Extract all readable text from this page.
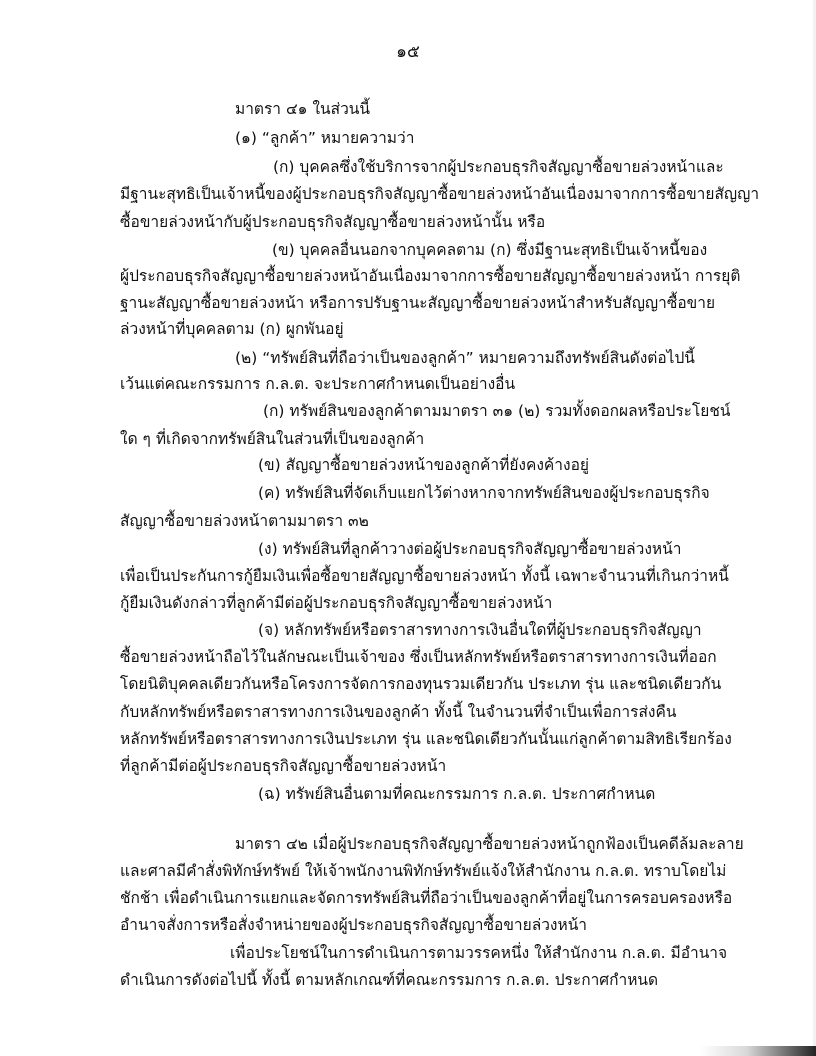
๑๕
มาตรา ๔๑ ในส่วนนี้
(๑) “ลูกค้า” หมายความว่า
(ก) บุคคลซึ่งใช้บริการจากผู้ประกอบธุรกิจสัญญาซื้อขายล่วงหน้าและ
มีฐานะสุทธิเป็นเจ้าหนี้ของผู้ประกอบธุรกิจสัญญาซื้อขายล่วงหน้าอันเนื่องมาจากการซื้อขายสัญญา
ซื้อขายล่วงหน้ากับผู้ประกอบธุรกิจสัญญาซื้อขายล่วงหน้านั้น หรือ
(ข) บุคคลอื่นนอกจากบุคคลตาม (ก) ซึ่งมีฐานะสุทธิเป็นเจ้าหนี้ของ
ผู้ประกอบธุรกิจสัญญาซื้อขายล่วงหน้าอันเนื่องมาจากการซื้อขายสัญญาซื้อขายล่วงหน้า การยุติ
ฐานะสัญญาซื้อขายล่วงหน้า หรือการปรับฐานะสัญญาซื้อขายล่วงหน้าสำหรับสัญญาซื้อขาย
ล่วงหน้าที่บุคคลตาม (ก) ผูกพันอยู่
(๒) “ทรัพย์สินที่ถือว่าเป็นของลูกค้า” หมายความถึงทรัพย์สินดังต่อไปนี้
เว้นแต่คณะกรรมการ ก.ล.ต. จะประกาศกำหนดเป็นอย่างอื่น
(ก) ทรัพย์สินของลูกค้าตามมาตรา ๓๑ (๒) รวมทั้งดอกผลหรือประโยชน์
ใด ๆ ที่เกิดจากทรัพย์สินในส่วนที่เป็นของลูกค้า
(ข) สัญญาซื้อขายล่วงหน้าของลูกค้าที่ยังคงค้างอยู่
(ค) ทรัพย์สินที่จัดเก็บแยกไว้ต่างหากจากทรัพย์สินของผู้ประกอบธุรกิจ
สัญญาซื้อขายล่วงหน้าตามมาตรา ๓๒
(ง) ทรัพย์สินที่ลูกค้าวางต่อผู้ประกอบธุรกิจสัญญาซื้อขายล่วงหน้า
เพื่อเป็นประกันการกู้ยืมเงินเพื่อซื้อขายสัญญาซื้อขายล่วงหน้า ทั้งนี้ เฉพาะจำนวนที่เกินกว่าหนี้
กู้ยืมเงินดังกล่าวที่ลูกค้ามีต่อผู้ประกอบธุรกิจสัญญาซื้อขายล่วงหน้า
(จ) หลักทรัพย์หรือตราสารทางการเงินอื่นใดที่ผู้ประกอบธุรกิจสัญญา
ซื้อขายล่วงหน้าถือไว้ในลักษณะเป็นเจ้าของ ซึ่งเป็นหลักทรัพย์หรือตราสารทางการเงินที่ออก
โดยนิติบุคคลเดียวกันหรือโครงการจัดการกองทุนรวมเดียวกัน ประเภท รุ่น และชนิดเดียวกัน
กับหลักทรัพย์หรือตราสารทางการเงินของลูกค้า ทั้งนี้ ในจำนวนที่จำเป็นเพื่อการส่งคืน
หลักทรัพย์หรือตราสารทางการเงินประเภท รุ่น และชนิดเดียวกันนั้นแก่ลูกค้าตามสิทธิเรียกร้อง
ที่ลูกค้ามีต่อผู้ประกอบธุรกิจสัญญาซื้อขายล่วงหน้า
(ฉ) ทรัพย์สินอื่นตามที่คณะกรรมการ ก.ล.ต. ประกาศกำหนด
มาตรา ๔๒ เมื่อผู้ประกอบธุรกิจสัญญาซื้อขายล่วงหน้าถูกฟ้องเป็นคดีล้มละลาย
และศาลมีคำสั่งพิทักษ์ทรัพย์ ให้เจ้าพนักงานพิทักษ์ทรัพย์แจ้งให้สำนักงาน ก.ล.ต. ทราบโดยไม่
ชักช้า เพื่อดำเนินการแยกและจัดการทรัพย์สินที่ถือว่าเป็นของลูกค้าที่อยู่ในการครอบครองหรือ
อำนาจสั่งการหรือสั่งจำหน่ายของผู้ประกอบธุรกิจสัญญาซื้อขายล่วงหน้า
เพื่อประโยชน์ในการดำเนินการตามวรรคหนึ่ง ให้สำนักงาน ก.ล.ต. มีอำนาจ
ดำเนินการดังต่อไปนี้ ทั้งนี้ ตามหลักเกณฑ์ที่คณะกรรมการ ก.ล.ต. ประกาศกำหนด
